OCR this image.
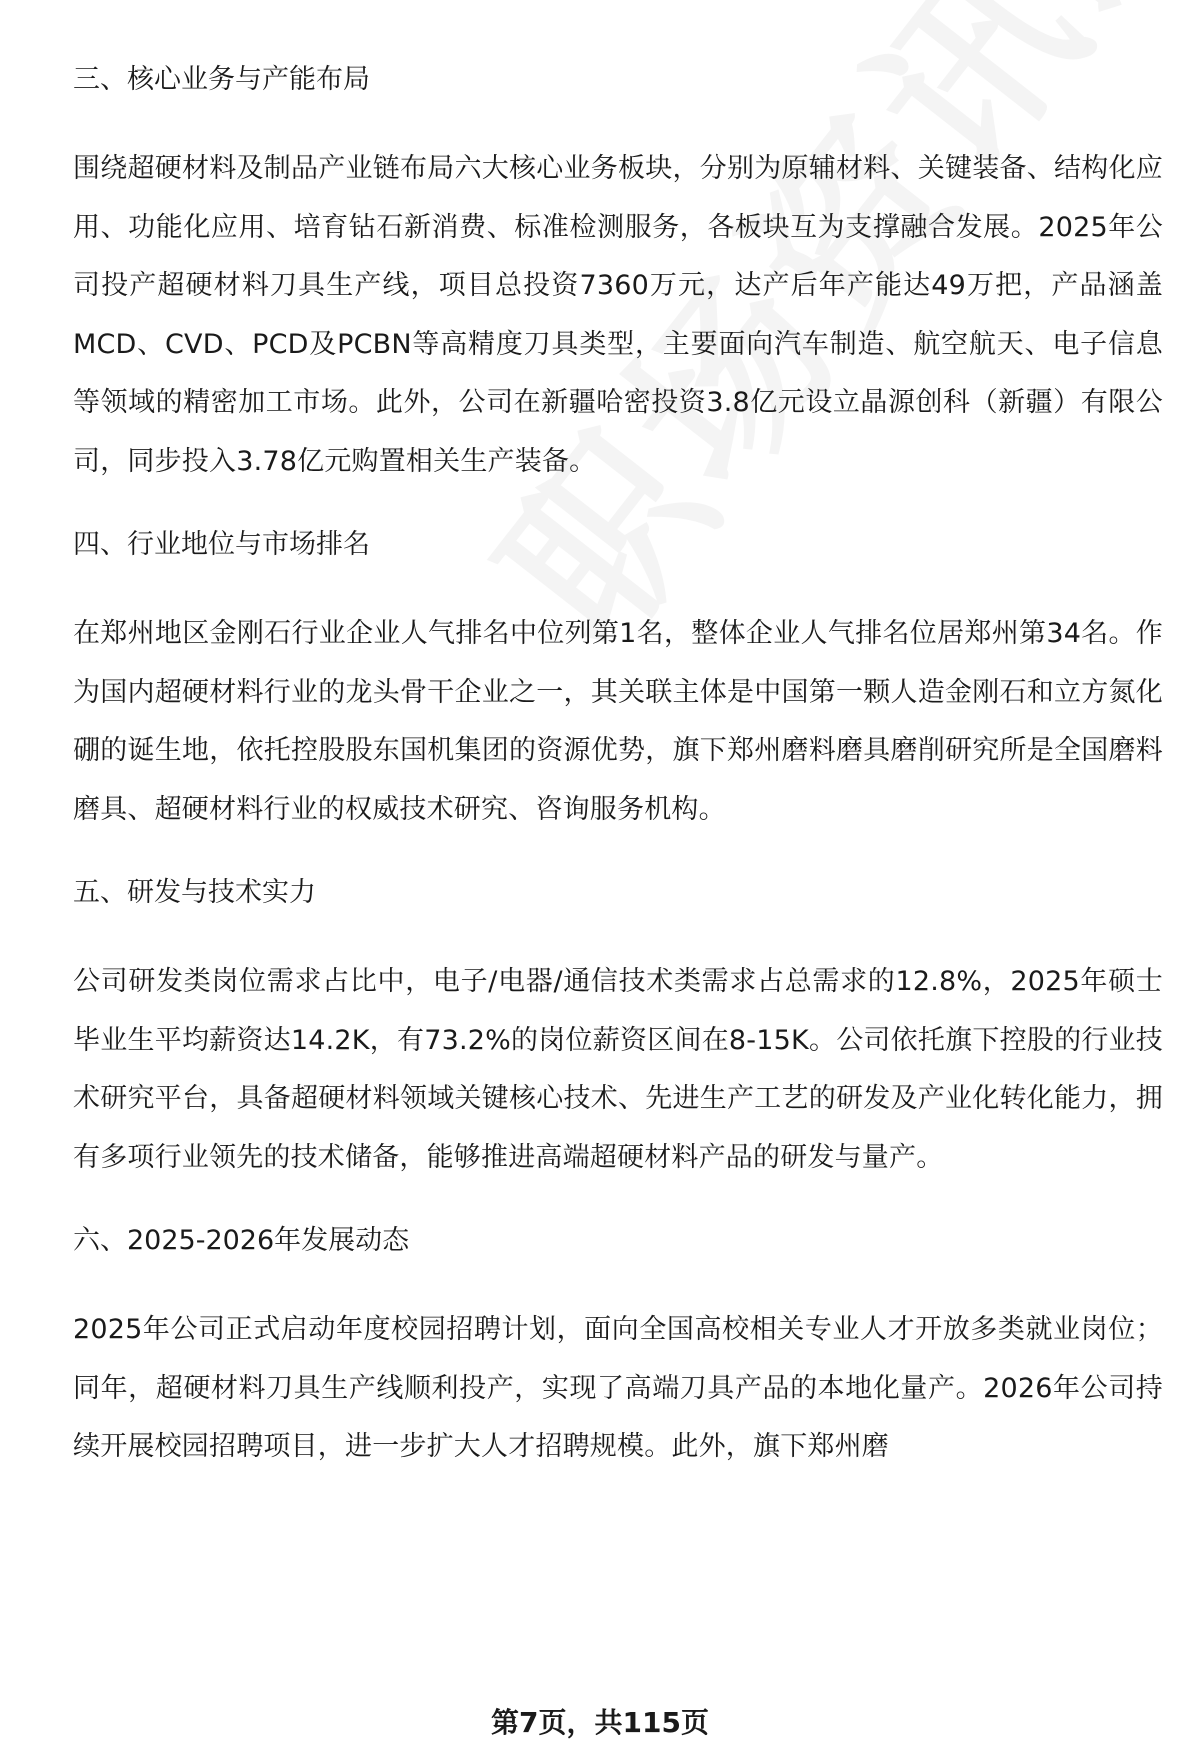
三、核心业务与产能布局

围绕超硬材料及制品产业链布局六大核心业务板块，分别为原辅材料、关键装备、结构化应用、功能化应用、培育钻石新消费、标准检测服务，各板块互为支撑融合发展。2025年公司投产超硬材料刀具生产线，项目总投资7360万元，达产后年产能达49万把，产品涵盖MCD、CVD、PCD及PCBN等高精度刀具类型，主要面向汽车制造、航空航天、电子信息等领域的精密加工市场。此外，公司在新疆哈密投资3.8亿元设立晶源创科（新疆）有限公司，同步投入3.78亿元购置相关生产装备。

四、行业地位与市场排名

在郑州地区金刚石行业企业人气排名中位列第1名，整体企业人气排名位居郑州第34名。作为国内超硬材料行业的龙头骨干企业之一，其关联主体是中国第一颗人造金刚石和立方氮化硼的诞生地，依托控股股东国机集团的资源优势，旗下郑州磨料磨具磨削研究所是全国磨料磨具、超硬材料行业的权威技术研究、咨询服务机构。

五、研发与技术实力

公司研发类岗位需求占比中，电子/电器/通信技术类需求占总需求的12.8%，2025年硕士毕业生平均薪资达14.2K，有73.2%的岗位薪资区间在8-15K。公司依托旗下控股的行业技术研究平台，具备超硬材料领域关键核心技术、先进生产工艺的研发及产业化转化能力，拥有多项行业领先的技术储备，能够推进高端超硬材料产品的研发与量产。

六、2025-2026年发展动态

2025年公司正式启动年度校园招聘计划，面向全国高校相关专业人才开放多类就业岗位；同年，超硬材料刀具生产线顺利投产，实现了高端刀具产品的本地化量产。2026年公司持续开展校园招聘项目，进一步扩大人才招聘规模。此外，旗下郑州磨

第7页，共115页
